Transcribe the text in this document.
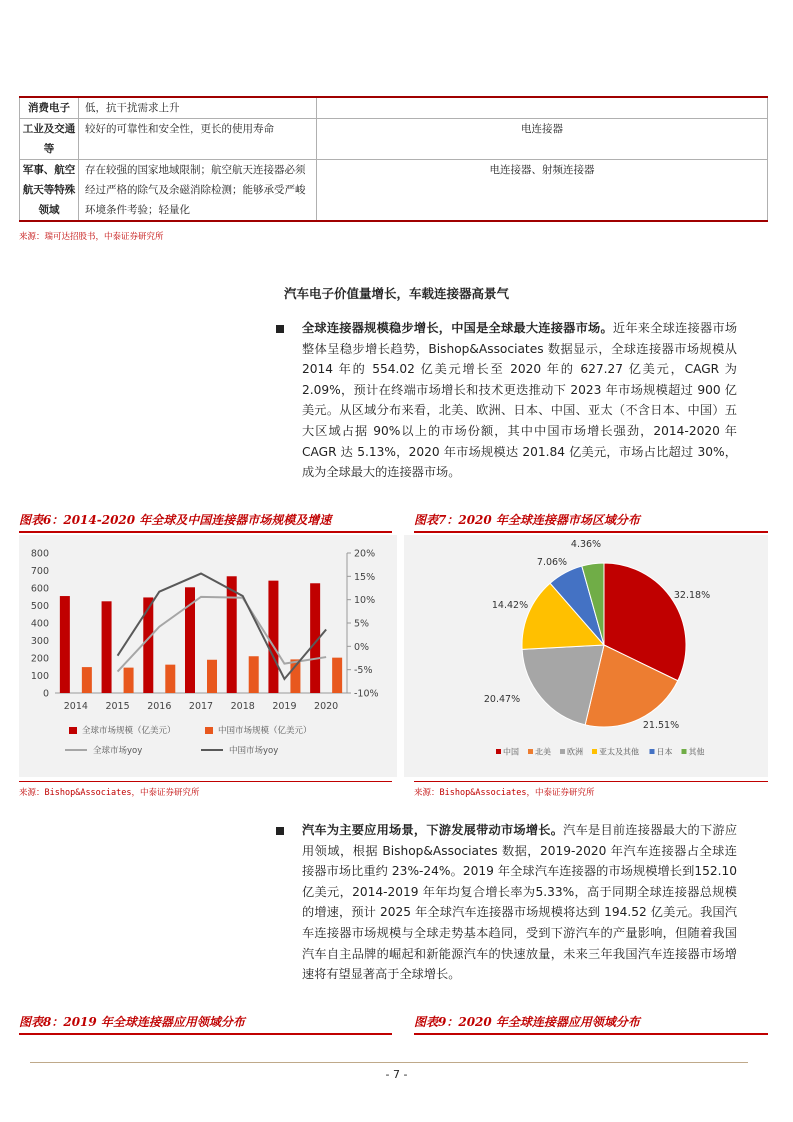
消费电子	低，抗干扰需求上升	
工业及交通等	较好的可靠性和安全性，更长的使用寿命	电连接器
军事、航空航天等特殊领域	存在较强的国家地域限制；航空航天连接器必须经过严格的除气及余磁消除检测；能够承受严峻环境条件考验；轻量化	电连接器、射频连接器
来源：瑞可达招股书，中泰证券研究所
汽车电子价值量增长，车载连接器高景气
全球连接器规模稳步增长，中国是全球最大连接器市场。近年来全球连接器市场整体呈稳步增长趋势，Bishop&Associates 数据显示，全球连接器市场规模从 2014 年的 554.02 亿美元增长至 2020 年的 627.27 亿美元，CAGR 为 2.09%，预计在终端市场增长和技术更迭推动下 2023 年市场规模超过 900 亿美元。从区域分布来看，北美、欧洲、日本、中国、亚太（不含日本、中国）五大区域占据 90%以上的市场份额，其中中国市场增长强劲，2014-2020 年 CAGR 达 5.13%，2020 年市场规模达 201.84 亿美元，市场占比超过 30%，成为全球最大的连接器市场。
图表6：2014-2020 年全球及中国连接器市场规模及增速	图表7：2020 年全球连接器市场区域分布
0
100
200
300
400
500
600
700
800
-10%
-5%
0%
5%
10%
15%
20%
2014 2015 2016 2017 2018 2019 2020
全球市场规模（亿美元）	中国市场规模（亿美元）
全球市场yoy	中国市场yoy
32.18%
21.51%
20.47%
14.42%
7.06%
4.36%
中国 北美 欧洲 亚太及其他 日本 其他
来源：Bishop&Associates，中泰证券研究所	来源：Bishop&Associates，中泰证券研究所
汽车为主要应用场景，下游发展带动市场增长。汽车是目前连接器最大的下游应用领域，根据 Bishop&Associates 数据，2019-2020 年汽车连接器占全球连接器市场比重约 23%-24%。2019 年全球汽车连接器的市场规模增长到152.10亿美元，2014-2019 年年均复合增长率为5.33%，高于同期全球连接器总规模的增速，预计 2025 年全球汽车连接器市场规模将达到 194.52 亿美元。我国汽车连接器市场规模与全球走势基本趋同，受到下游汽车的产量影响，但随着我国汽车自主品牌的崛起和新能源汽车的快速放量，未来三年我国汽车连接器市场增速将有望显著高于全球增长。
图表8：2019 年全球连接器应用领域分布	图表9：2020 年全球连接器应用领域分布
- 7 -
